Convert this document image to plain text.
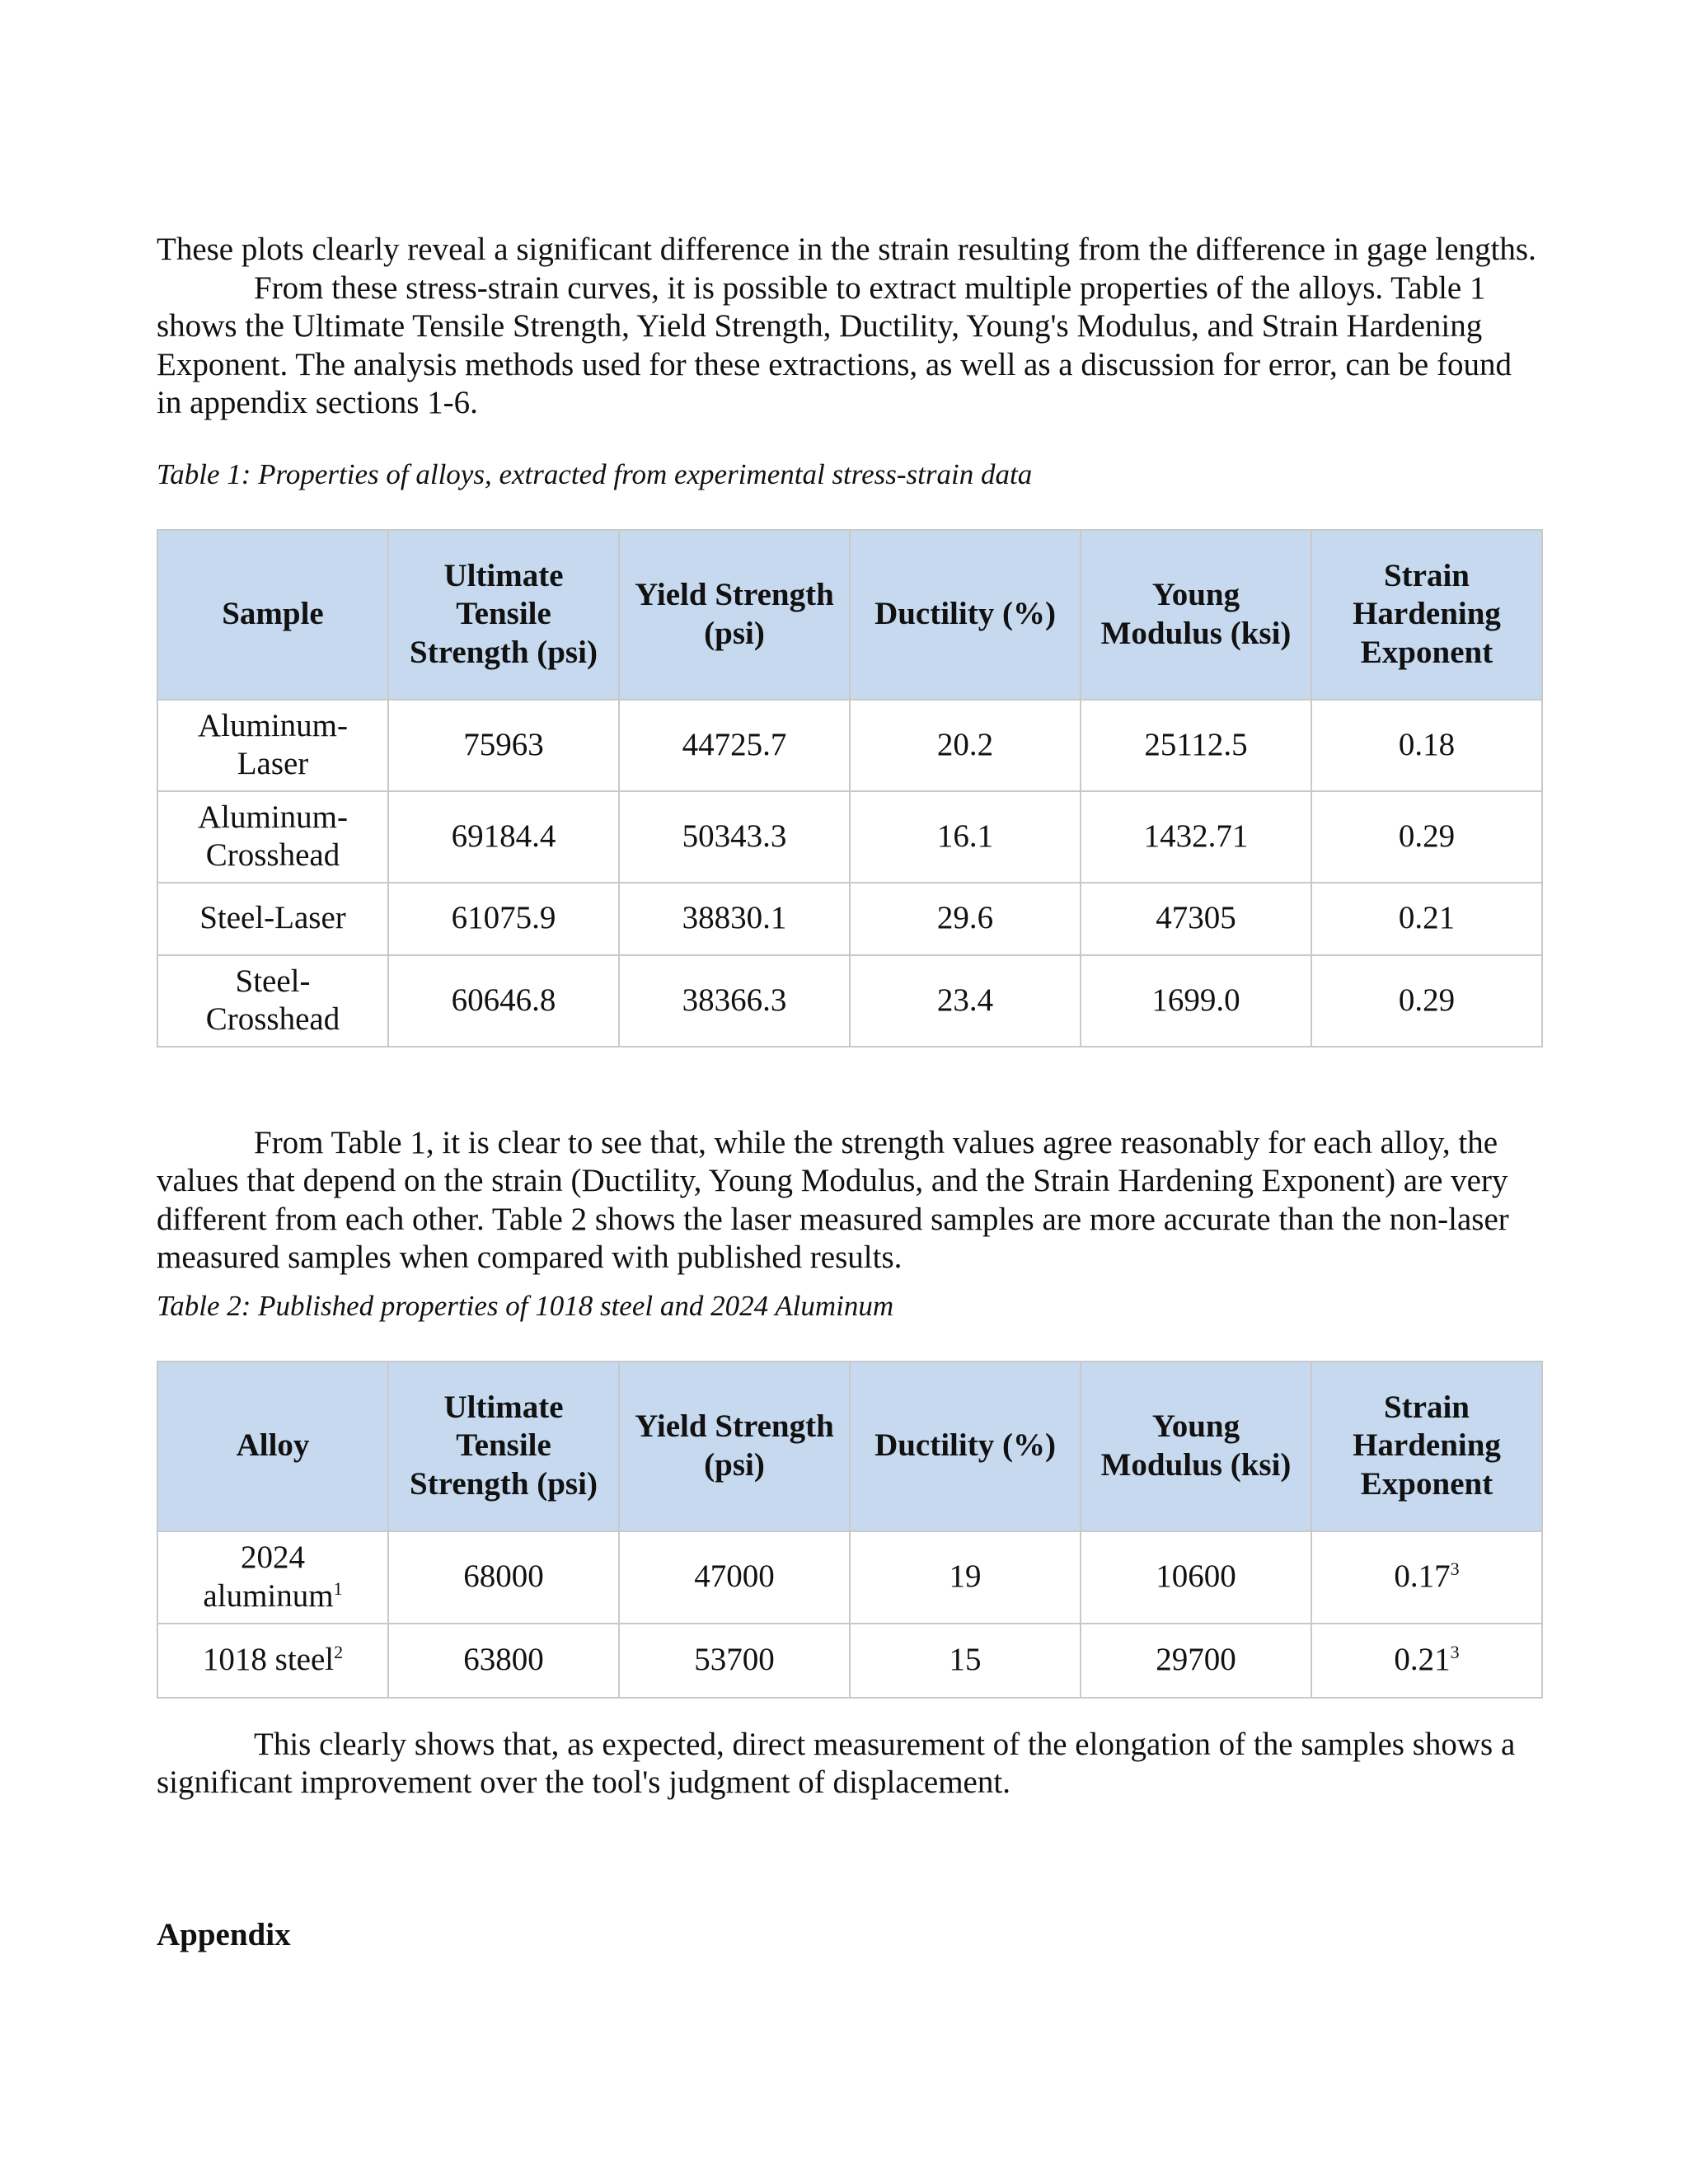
These plots clearly reveal a significant difference in the strain resulting from the difference in gage lengths.

From these stress-strain curves, it is possible to extract multiple properties of the alloys. Table 1 shows the Ultimate Tensile Strength, Yield Strength, Ductility, Young's Modulus, and Strain Hardening Exponent. The analysis methods used for these extractions, as well as a discussion for error, can be found in appendix sections 1-6.

Table 1: Properties of alloys, extracted from experimental stress-strain data

Sample	Ultimate Tensile Strength (psi)	Yield Strength (psi)	Ductility (%)	Young Modulus (ksi)	Strain Hardening Exponent
Aluminum-Laser	75963	44725.7	20.2	25112.5	0.18
Aluminum-Crosshead	69184.4	50343.3	16.1	1432.71	0.29
Steel-Laser	61075.9	38830.1	29.6	47305	0.21
Steel-Crosshead	60646.8	38366.3	23.4	1699.0	0.29

From Table 1, it is clear to see that, while the strength values agree reasonably for each alloy, the values that depend on the strain (Ductility, Young Modulus, and the Strain Hardening Exponent) are very different from each other. Table 2 shows the laser measured samples are more accurate than the non-laser measured samples when compared with published results.

Table 2: Published properties of 1018 steel and 2024 Aluminum

Alloy	Ultimate Tensile Strength (psi)	Yield Strength (psi)	Ductility (%)	Young Modulus (ksi)	Strain Hardening Exponent
2024 aluminum$^1$	68000	47000	19	10600	0.17$^3$
1018 steel$^2$	63800	53700	15	29700	0.21$^3$

This clearly shows that, as expected, direct measurement of the elongation of the samples shows a significant improvement over the tool's judgment of displacement.

Appendix
